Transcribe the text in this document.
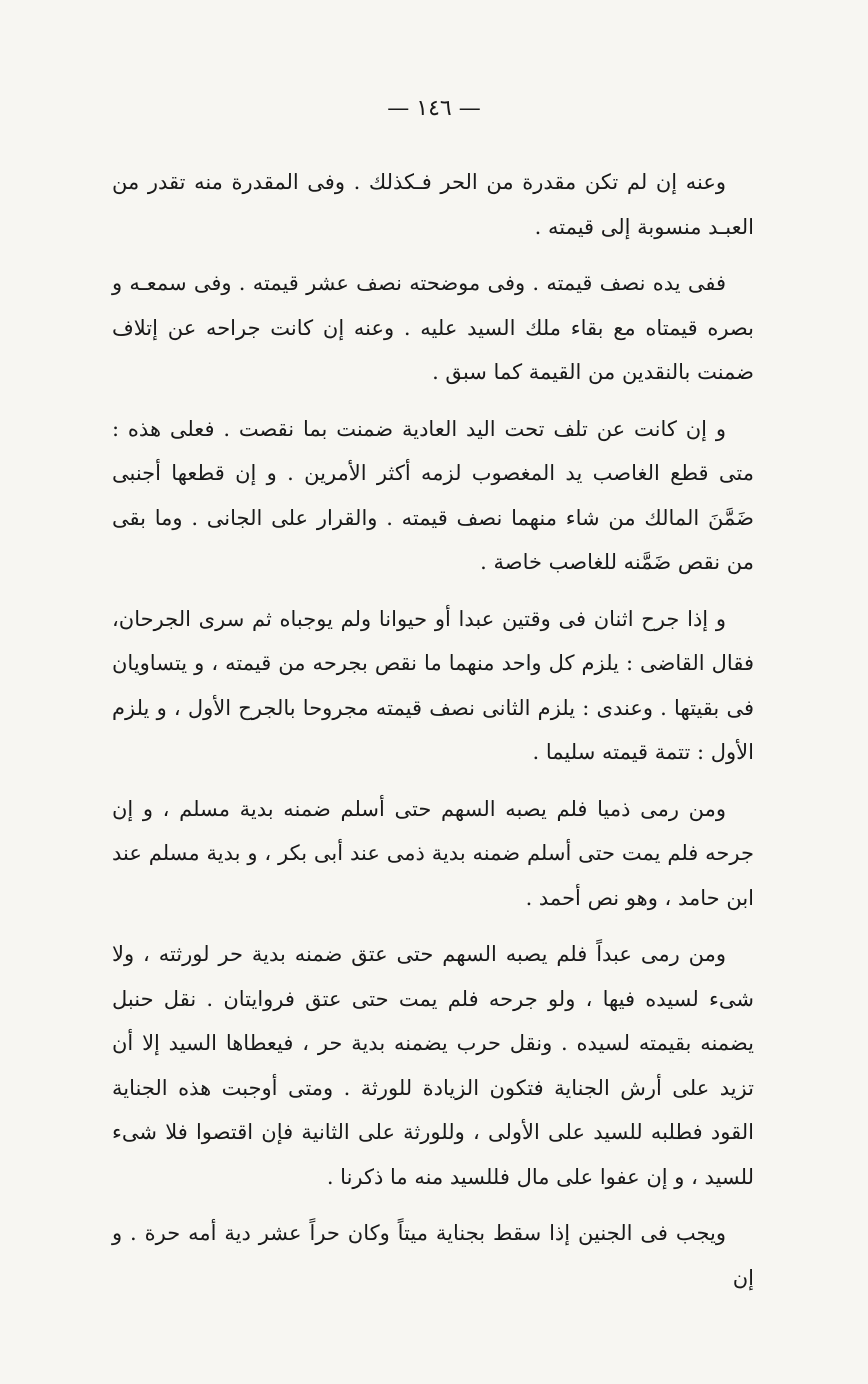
— ١٤٦ —

وعنه إن لم تكن مقدرة من الحر فـكذلك . وفى المقدرة منه تقدر من العبـد منسوبة إلى قيمته .

ففى يده نصف قيمته . وفى موضحته نصف عشر قيمته . وفى سمعـه و بصره قيمتاه مع بقاء ملك السيد عليه . وعنه إن كانت جراحه عن إتلاف ضمنت بالنقدين من القيمة كما سبق .

و إن كانت عن تلف تحت اليد العادية ضمنت بما نقصت . فعلى هذه : متى قطع الغاصب يد المغصوب لزمه أكثر الأمرين . و إن قطعها أجنبى ضَمَّنَ المالك من شاء منهما نصف قيمته . والقرار على الجانى . وما بقى من نقص ضَمَّنه للغاصب خاصة .

و إذا جرح اثنان فى وقتين عبدا أو حيوانا ولم يوجباه ثم سرى الجرحان، فقال القاضى : يلزم كل واحد منهما ما نقص بجرحه من قيمته ، و يتساويان فى بقيتها . وعندى : يلزم الثانى نصف قيمته مجروحا بالجرح الأول ، و يلزم الأول : تتمة قيمته سليما .

ومن رمى ذميا فلم يصبه السهم حتى أسلم ضمنه بدية مسلم ، و إن جرحه فلم يمت حتى أسلم ضمنه بدية ذمى عند أبى بكر ، و بدية مسلم عند ابن حامد ، وهو نص أحمد .

ومن رمى عبداً فلم يصبه السهم حتى عتق ضمنه بدية حر لورثته ، ولا شىء لسيده فيها ، ولو جرحه فلم يمت حتى عتق فروايتان . نقل حنبل يضمنه بقيمته لسيده . ونقل حرب يضمنه بدية حر ، فيعطاها السيد إلا أن تزيد على أرش الجناية فتكون الزيادة للورثة . ومتى أوجبت هذه الجناية القود فطلبه للسيد على الأولى ، وللورثة على الثانية فإن اقتصوا فلا شىء للسيد ، و إن عفوا على مال فللسيد منه ما ذكرنا .

ويجب فى الجنين إذا سقط بجناية ميتاً وكان حراً عشر دية أمه حرة . و إن
